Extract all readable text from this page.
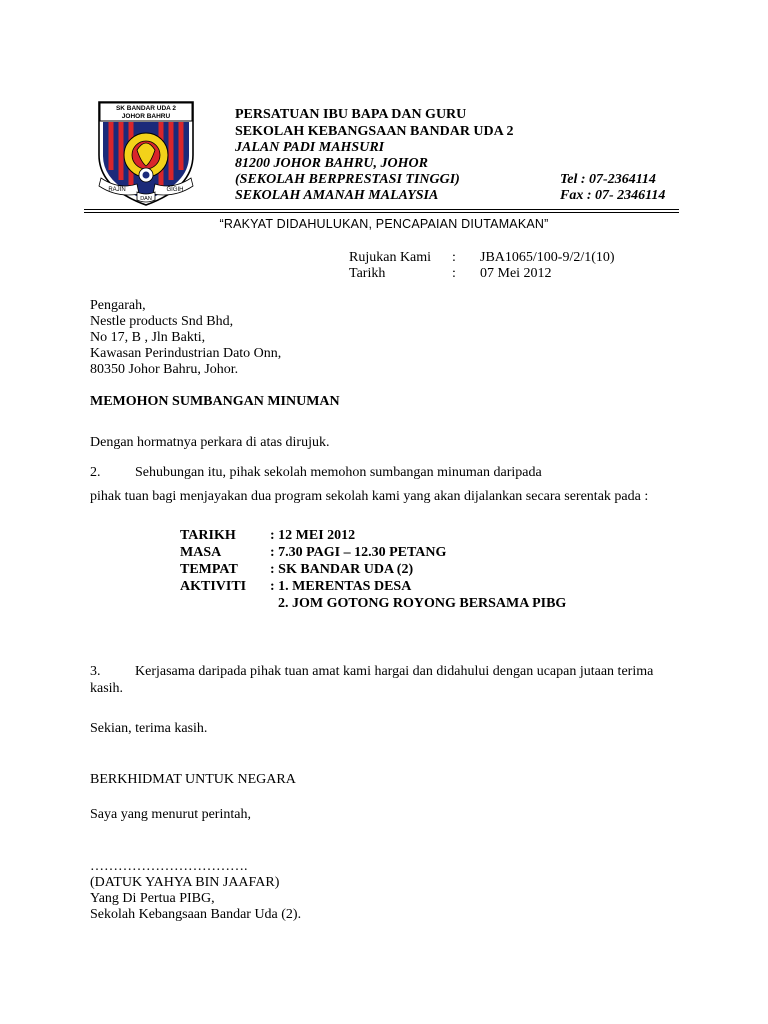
SK BANDAR UDA 2
JOHOR BAHRU
RAJIN
DAN
GIGIH
PERSATUAN IBU BAPA DAN GURU
SEKOLAH KEBANGSAAN BANDAR UDA 2
JALAN PADI MAHSURI
81200 JOHOR BAHRU, JOHOR
(SEKOLAH BERPRESTASI TINGGI)
SEKOLAH AMANAH MALAYSIA
Tel : 07-2364114
Fax : 07- 2346114
“RAKYAT DIDAHULUKAN, PENCAPAIAN DIUTAMAKAN”
Rujukan Kami : JBA1065/100-9/2/1(10)
Tarikh	: 07 Mei 2012
Pengarah,
Nestle products Snd Bhd,
No 17, B , Jln Bakti,
Kawasan Perindustrian Dato Onn,
80350 Johor Bahru, Johor.
MEMOHON SUMBANGAN MINUMAN
Dengan hormatnya perkara di atas dirujuk.
2. Sehubungan itu, pihak sekolah memohon sumbangan minuman daripada
pihak tuan bagi menjayakan dua program sekolah kami yang akan dijalankan secara serentak pada :
TARIKH : 12 MEI 2012
MASA	: 7.30 PAGI – 12.30 PETANG
TEMPAT : SK BANDAR UDA (2)
AKTIVITI : 1. MERENTAS DESA
2. JOM GOTONG ROYONG BERSAMA PIBG
3. Kerjasama daripada pihak tuan amat kami hargai dan didahului dengan ucapan jutaan terima
kasih.
Sekian, terima kasih.
BERKHIDMAT UNTUK NEGARA
Saya yang menurut perintah,
…………………………….
(DATUK YAHYA BIN JAAFAR)
Yang Di Pertua PIBG,
Sekolah Kebangsaan Bandar Uda (2).
